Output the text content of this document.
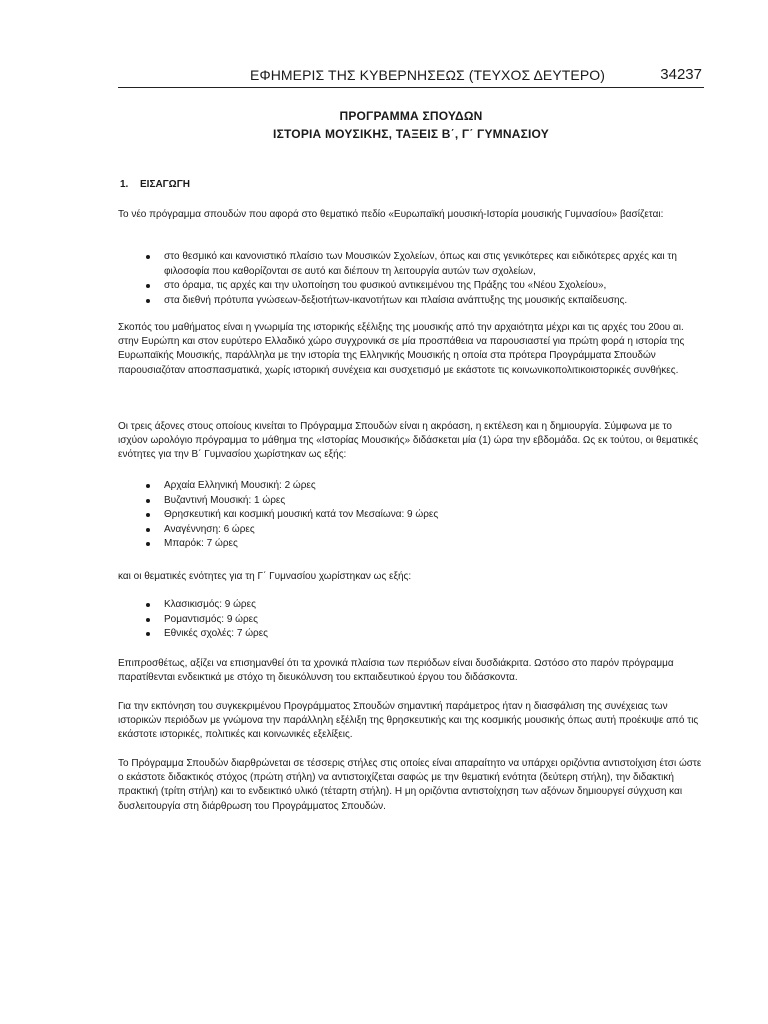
ΕΦΗΜΕΡΙΣ ΤΗΣ ΚΥΒΕΡΝΗΣΕΩΣ (ΤΕΥΧΟΣ ΔΕΥΤΕΡΟ)	34237
ΠΡΟΓΡΑΜΜΑ ΣΠΟΥΔΩΝ
ΙΣΤΟΡΙΑ ΜΟΥΣΙΚΗΣ, ΤΑΞΕΙΣ Β΄, Γ΄ ΓΥΜΝΑΣΙΟΥ
1. ΕΙΣΑΓΩΓΗ

Το νέο πρόγραμμα σπουδών που αφορά στο θεματικό πεδίο «Ευρωπαϊκή μουσική-Ιστορία μουσικής Γυμνασίου» βασίζεται:

στο θεσμικό και κανονιστικό πλαίσιο των Μουσικών Σχολείων, όπως και στις γενικότερες και ειδικότερες αρχές και τη φιλοσοφία που καθορίζονται σε αυτό και διέπουν τη λειτουργία αυτών των σχολείων,
στο όραμα, τις αρχές και την υλοποίηση του φυσικού αντικειμένου της Πράξης του «Νέου Σχολείου»,
στα διεθνή πρότυπα γνώσεων-δεξιοτήτων-ικανοτήτων και πλαίσια ανάπτυξης της μουσικής εκπαίδευσης.

Σκοπός του μαθήματος είναι η γνωριμία της ιστορικής εξέλιξης της μουσικής από την αρχαιότητα μέχρι και τις αρχές του 20ου αι. στην Ευρώπη και στον ευρύτερο Ελλαδικό χώρο συγχρονικά σε μία προσπάθεια να παρουσιαστεί για πρώτη φορά η ιστορία της Ευρωπαϊκής Μουσικής, παράλληλα με την ιστορία της Ελληνικής Μουσικής η οποία στα πρότερα Προγράμματα Σπουδών παρουσιαζόταν αποσπασματικά, χωρίς ιστορική συνέχεια και συσχετισμό με εκάστοτε τις κοινωνικοπολιτικοιστορικές συνθήκες.

Οι τρεις άξονες στους οποίους κινείται το Πρόγραμμα Σπουδών είναι η ακρόαση, η εκτέλεση και η δημιουργία. Σύμφωνα με το ισχύον ωρολόγιο πρόγραμμα το μάθημα της «Ιστορίας Μουσικής» διδάσκεται μία (1) ώρα την εβδομάδα. Ως εκ τούτου, οι θεματικές ενότητες για την Β΄ Γυμνασίου χωρίστηκαν ως εξής:

Αρχαία Ελληνική Μουσική: 2 ώρες
Βυζαντινή Μουσική: 1 ώρες
Θρησκευτική και κοσμική μουσική κατά τον Μεσαίωνα: 9 ώρες
Αναγέννηση: 6 ώρες
Μπαρόκ: 7 ώρες

και οι θεματικές ενότητες για τη Γ΄ Γυμνασίου χωρίστηκαν ως εξής:

Κλασικισμός: 9 ώρες
Ρομαντισμός: 9 ώρες
Εθνικές σχολές: 7 ώρες

Επιπροσθέτως, αξίζει να επισημανθεί ότι τα χρονικά πλαίσια των περιόδων είναι δυσδιάκριτα. Ωστόσο στο παρόν πρόγραμμα παρατίθενται ενδεικτικά με στόχο τη διευκόλυνση του εκπαιδευτικού έργου του διδάσκοντα.

Για την εκπόνηση του συγκεκριμένου Προγράμματος Σπουδών σημαντική παράμετρος ήταν η διασφάλιση της συνέχειας των ιστορικών περιόδων με γνώμονα την παράλληλη εξέλιξη της θρησκευτικής και της κοσμικής μουσικής όπως αυτή προέκυψε από τις εκάστοτε ιστορικές, πολιτικές και κοινωνικές εξελίξεις.

Το Πρόγραμμα Σπουδών διαρθρώνεται σε τέσσερις στήλες στις οποίες είναι απαραίτητο να υπάρχει οριζόντια αντιστοίχιση έτσι ώστε ο εκάστοτε διδακτικός στόχος (πρώτη στήλη) να αντιστοιχίζεται σαφώς με την θεματική ενότητα (δεύτερη στήλη), την διδακτική πρακτική (τρίτη στήλη) και το ενδεικτικό υλικό (τέταρτη στήλη). Η μη οριζόντια αντιστοίχηση των αξόνων δημιουργεί σύγχυση και δυσλειτουργία στη διάρθρωση του Προγράμματος Σπουδών.
